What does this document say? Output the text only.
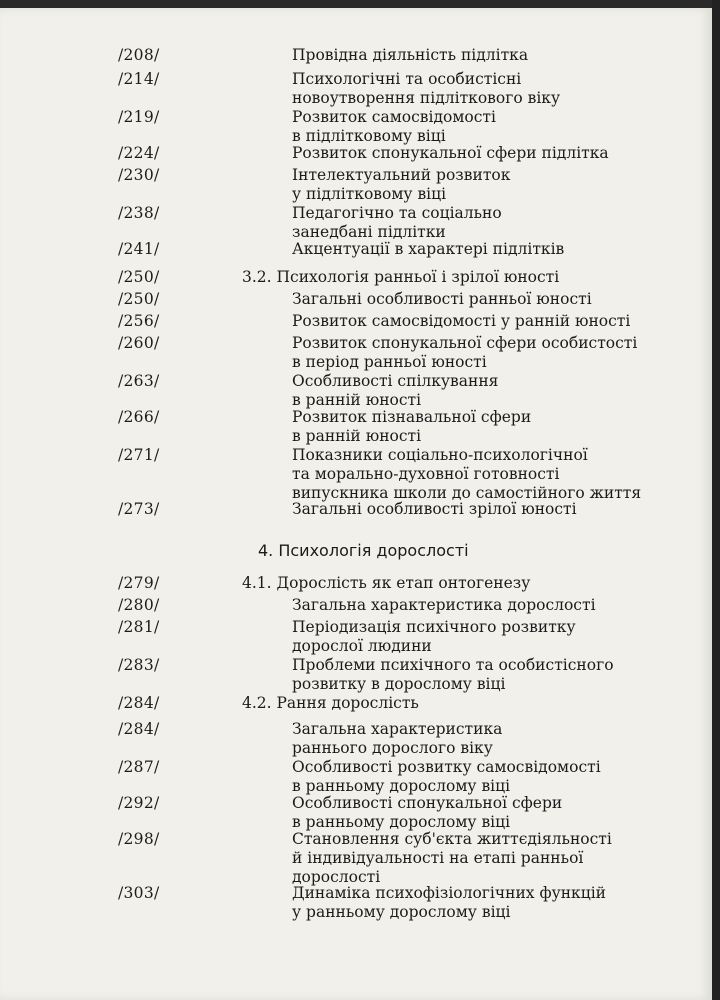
/208/	Провідна діяльність підлітка
/214/	Психологічні та особистісні
новоутворення підліткового віку
/219/	Розвиток самосвідомості
в підлітковому віці
/224/	Розвиток спонукальної сфери підлітка
/230/	Інтелектуальний розвиток
у підлітковому віці
/238/	Педагогічно та соціально
занедбані підлітки
/241/	Акцентуації в характері підлітків
/250/	3.2. Психологія ранньої і зрілої юності
/250/	Загальні особливості ранньої юності
/256/	Розвиток самосвідомості у ранній юності
/260/	Розвиток спонукальної сфери особистості
в період ранньої юності
/263/	Особливості спілкування
в ранній юності
/266/	Розвиток пізнавальної сфери
в ранній юності
/271/	Показники соціально-психологічної
та морально-духовної готовності
випускника школи до самостійного життя
/273/	Загальні особливості зрілої юності
4. Психологія дорослості
/279/	4.1. Дорослість як етап онтогенезу
/280/	Загальна характеристика дорослості
/281/	Періодизація психічного розвитку
дорослої людини
/283/	Проблеми психічного та особистісного
розвитку в дорослому віці
/284/	4.2. Рання дорослість
/284/	Загальна характеристика
раннього дорослого віку
/287/	Особливості розвитку самосвідомості
в ранньому дорослому віці
/292/	Особливості спонукальної сфери
в ранньому дорослому віці
/298/	Становлення суб'єкта життєдіяльності
й індивідуальності на етапі ранньої
дорослості
/303/	Динаміка психофізіологічних функцій
у ранньому дорослому віці
